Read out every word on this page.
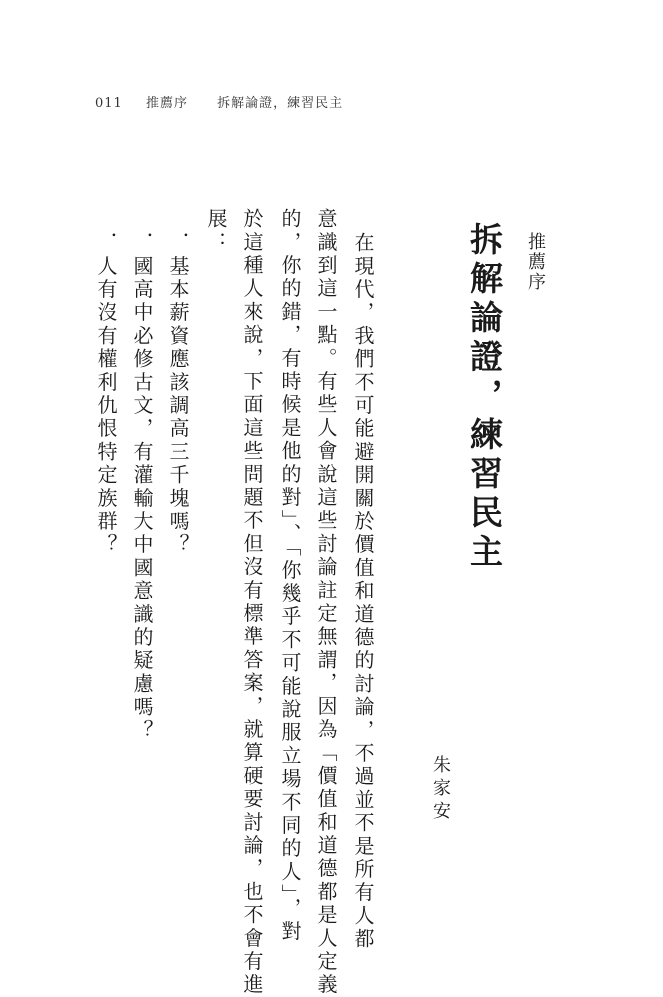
011 推薦序 拆解論證，練習民主
推薦序
拆解論證，練習民主
朱家安
在現代，我們不可能避開關於價值和道德的討論，不過並不是所有人都
意識到這一點。有些人會說這些討論註定無謂，因為「價值和道德都是人定義
的，你的錯，有時候是他的對」、「你幾乎不可能說服立場不同的人」，對
於這種人來說，下面這些問題不但沒有標準答案，就算硬要討論，也不會有進
展：
．基本薪資應該調高三千塊嗎？
．國高中必修古文，有灌輸大中國意識的疑慮嗎？
．人有沒有權利仇恨特定族群？
